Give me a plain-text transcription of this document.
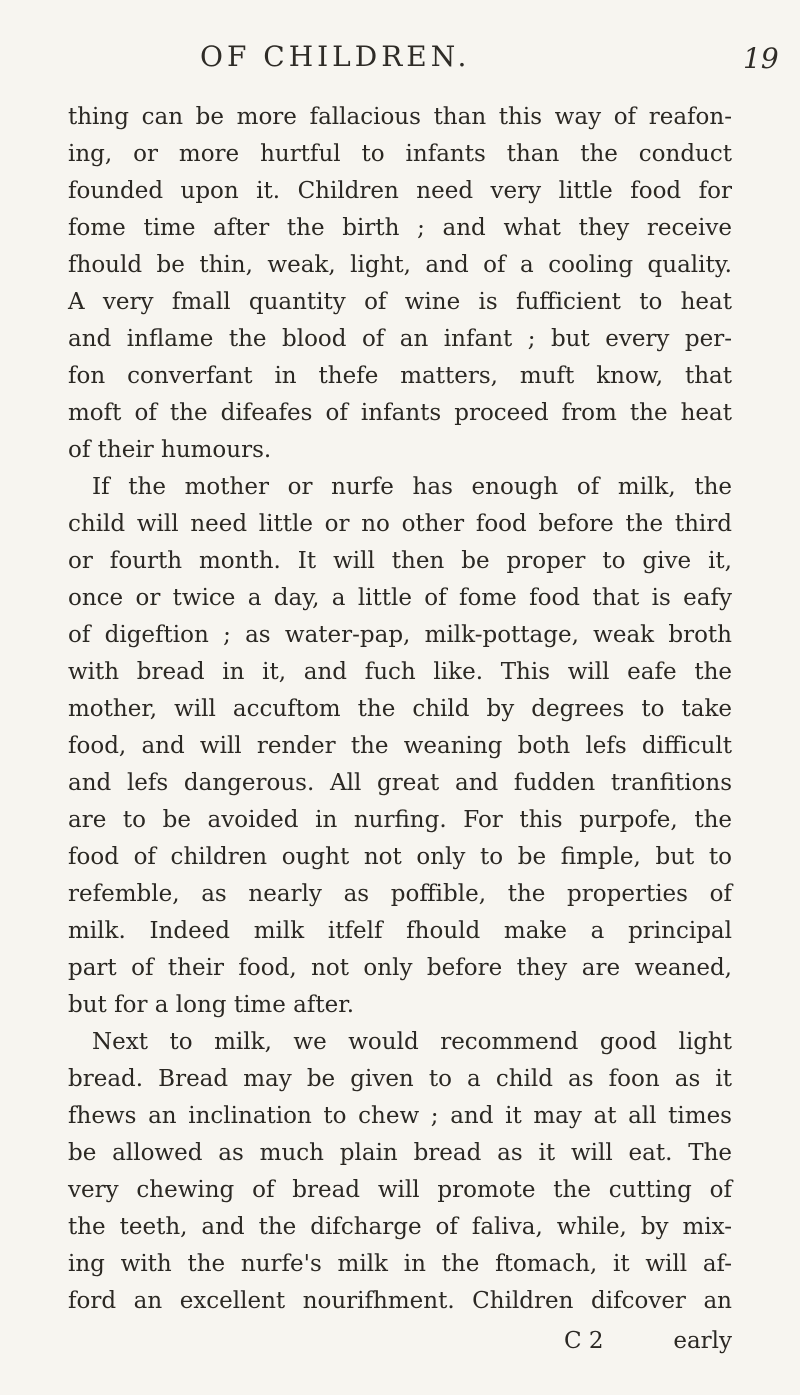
OF CHILDREN.	19
thing can be more fallacious than this way of reafon-
ing, or more hurtful to infants than the conduct
founded upon it. Children need very little food for
fome time after the birth ; and what they receive
fhould be thin, weak, light, and of a cooling quality.
A very fmall quantity of wine is fufficient to heat
and inflame the blood of an infant ; but every per-
fon converfant in thefe matters, muft know, that
moft of the difeafes of infants proceed from the heat
of their humours.
If the mother or nurfe has enough of milk, the
child will need little or no other food before the third
or fourth month. It will then be proper to give it,
once or twice a day, a little of fome food that is eafy
of digeftion ; as water-pap, milk-pottage, weak broth
with bread in it, and fuch like. This will eafe the
mother, will accuftom the child by degrees to take
food, and will render the weaning both lefs difficult
and lefs dangerous. All great and fudden tranfitions
are to be avoided in nurfing. For this purpofe, the
food of children ought not only to be fimple, but to
refemble, as nearly as poffible, the properties of
milk. Indeed milk itfelf fhould make a principal
part of their food, not only before they are weaned,
but for a long time after.
Next to milk, we would recommend good light
bread. Bread may be given to a child as foon as it
fhews an inclination to chew ; and it may at all times
be allowed as much plain bread as it will eat. The
very chewing of bread will promote the cutting of
the teeth, and the difcharge of faliva, while, by mix-
ing with the nurfe's milk in the ftomach, it will af-
ford an excellent nourifhment. Children difcover an
C 2	early
